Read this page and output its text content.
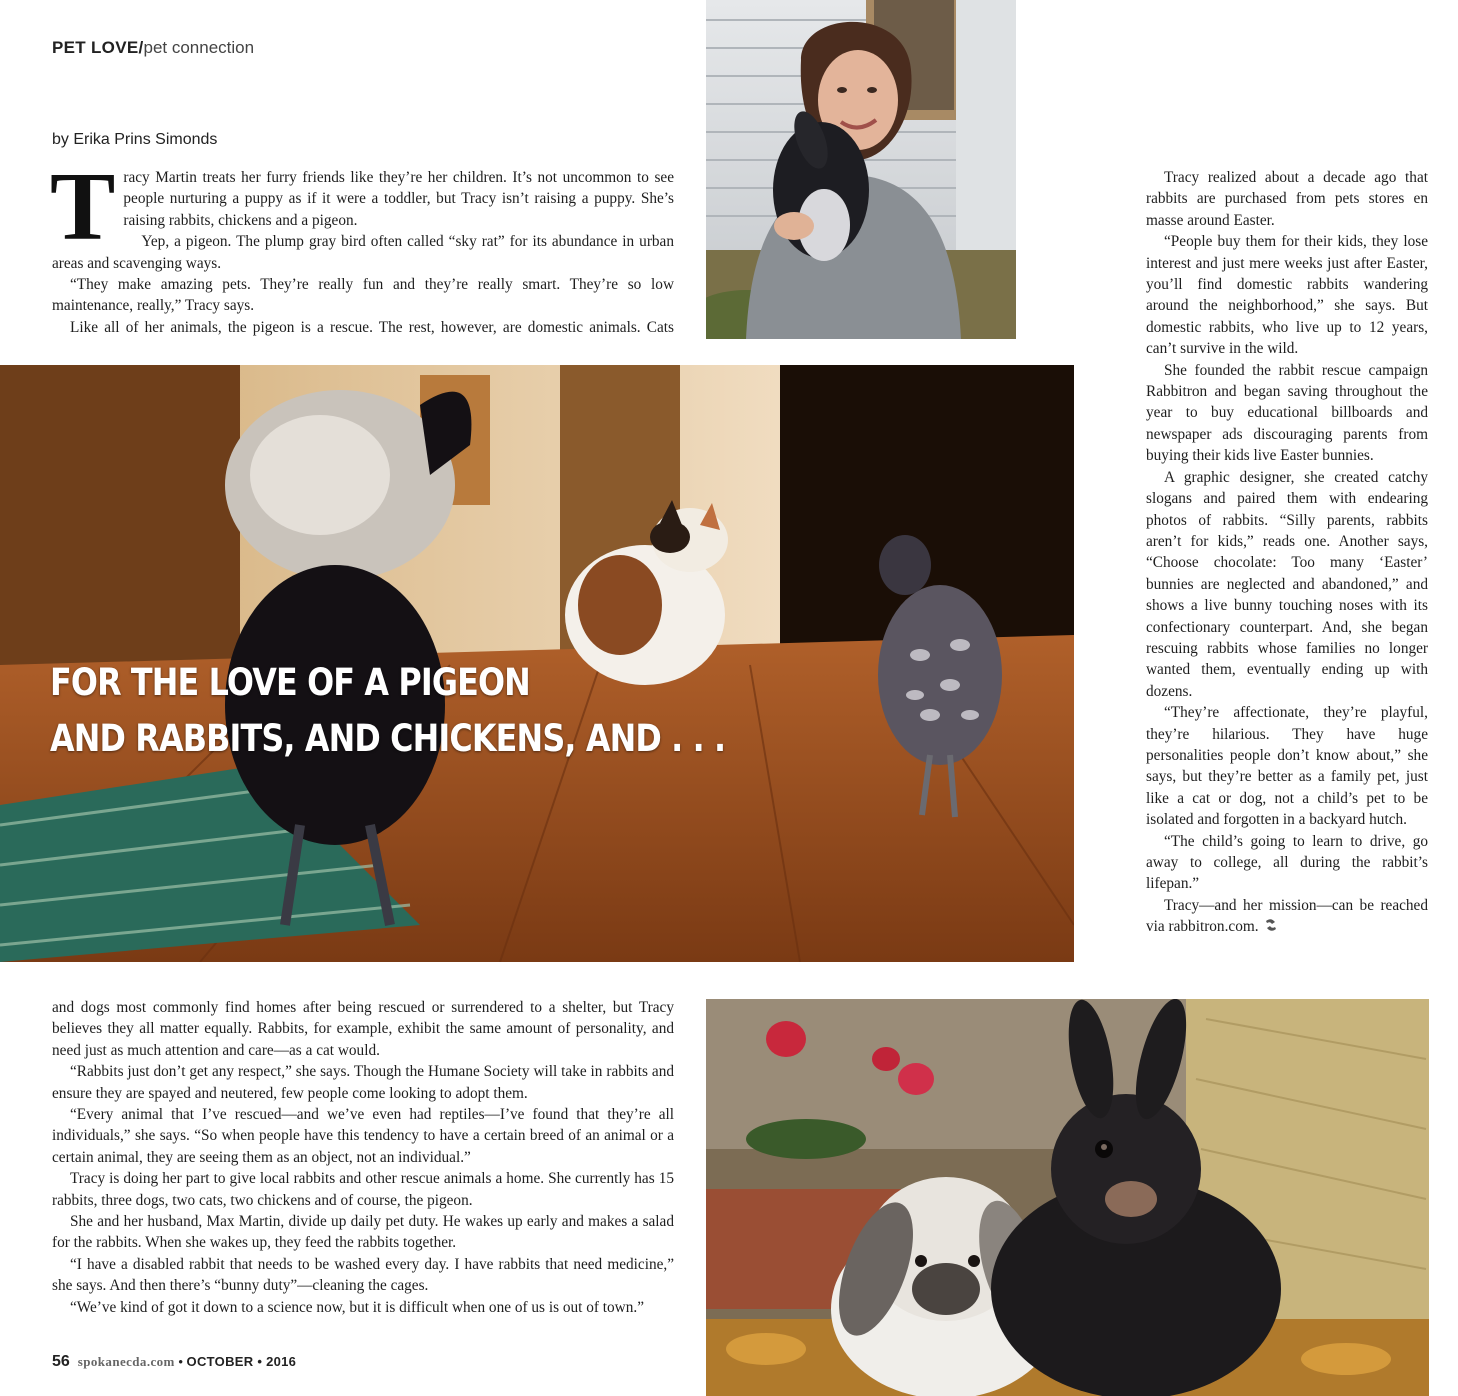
PET LOVE/pet connection
by Erika Prins Simonds

Tracy Martin treats her furry friends like they’re her children. It’s not uncommon to see people nurturing a puppy as if it were a toddler, but Tracy isn’t raising a puppy. She’s raising rabbits, chickens and a pigeon.

Yep, a pigeon. The plump gray bird often called “sky rat” for its abundance in urban areas and scavenging ways.

“They make amazing pets. They’re really fun and they’re really smart. They’re so low maintenance, really,” Tracy says.

Like all of her animals, the pigeon is a rescue. The rest, however, are domestic animals. Cats

FOR THE LOVE OF A PIGEON
AND RABBITS, AND CHICKENS, AND . . .

Tracy realized about a decade ago that rabbits are purchased from pets stores en masse around Easter.

“People buy them for their kids, they lose interest and just mere weeks just after Easter, you’ll find domestic rabbits wandering around the neighborhood,” she says. But domestic rabbits, who live up to 12 years, can’t survive in the wild.

She founded the rabbit rescue campaign Rabbitron and began saving throughout the year to buy educational billboards and newspaper ads discouraging parents from buying their kids live Easter bunnies.

A graphic designer, she created catchy slogans and paired them with endearing photos of rabbits. “Silly parents, rabbits aren’t for kids,” reads one. Another says, “Choose chocolate: Too many ‘Easter’ bunnies are neglected and abandoned,” and shows a live bunny touching noses with its confectionary counterpart. And, she began rescuing rabbits whose families no longer wanted them, eventually ending up with dozens.

“They’re affectionate, they’re playful, they’re hilarious. They have huge personalities people don’t know about,” she says, but they’re better as a family pet, just like a cat or dog, not a child’s pet to be isolated and forgotten in a backyard hutch.

“The child’s going to learn to drive, go away to college, all during the rabbit’s lifepan.”

Tracy—and her mission—can be reached via rabbitron.com.

and dogs most commonly find homes after being rescued or surrendered to a shelter, but Tracy believes they all matter equally. Rabbits, for example, exhibit the same amount of personality, and need just as much attention and care—as a cat would.

“Rabbits just don’t get any respect,” she says. Though the Humane Society will take in rabbits and ensure they are spayed and neutered, few people come looking to adopt them.

“Every animal that I’ve rescued—and we’ve even had reptiles—I’ve found that they’re all individuals,” she says. “So when people have this tendency to have a certain breed of an animal or a certain animal, they are seeing them as an object, not an individual.”

Tracy is doing her part to give local rabbits and other rescue animals a home. She currently has 15 rabbits, three dogs, two cats, two chickens and of course, the pigeon.

She and her husband, Max Martin, divide up daily pet duty. He wakes up early and makes a salad for the rabbits. When she wakes up, they feed the rabbits together.

“I have a disabled rabbit that needs to be washed every day. I have rabbits that need medicine,” she says. And then there’s “bunny duty”—cleaning the cages.

“We’ve kind of got it down to a science now, but it is difficult when one of us is out of town.”

56 spokanecda.com • OCTOBER • 2016
